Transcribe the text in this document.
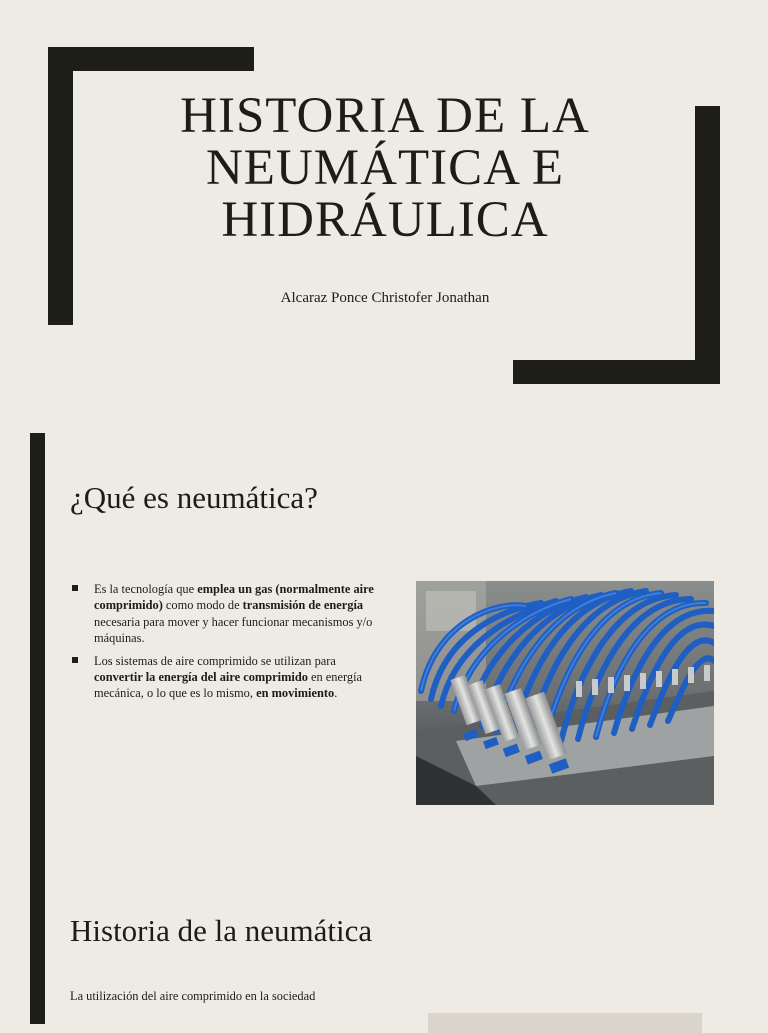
HISTORIA DE LA
NEUMÁTICA E
HIDRÁULICA
Alcaraz Ponce Christofer Jonathan
¿Qué es neumática?
Es la tecnología que emplea un gas (normalmente aire comprimido) como modo de transmisión de energía necesaria para mover y hacer funcionar mecanismos y/o máquinas.
Los sistemas de aire comprimido se utilizan para convertir la energía del aire comprimido en energía mecánica, o lo que es lo mismo, en movimiento.
Historia de la neumática

La utilización del aire comprimido en la sociedad
